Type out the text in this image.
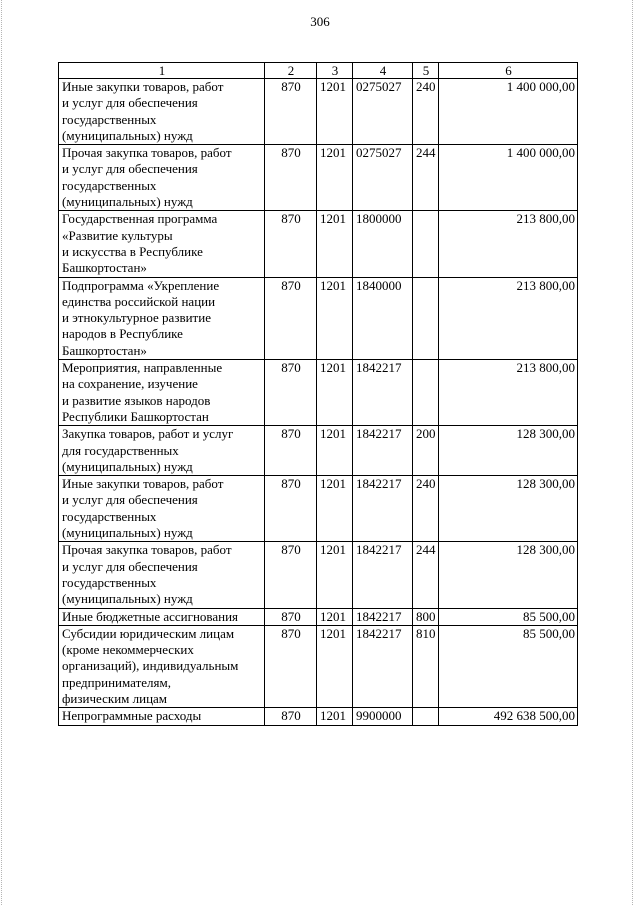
306
1	2	3	4	5	6
Иные закупки товаров, работ
и услуг для обеспечения
государственных
(муниципальных) нужд	870	1201	0275027	240	1 400 000,00
Прочая закупка товаров, работ
и услуг для обеспечения
государственных
(муниципальных) нужд	870	1201	0275027	244	1 400 000,00
Государственная программа
«Развитие культуры
и искусства в Республике
Башкортостан»	870	1201	1800000		213 800,00
Подпрограмма «Укрепление
единства российской нации
и этнокультурное развитие
народов в Республике
Башкортостан»	870	1201	1840000		213 800,00
Мероприятия, направленные
на сохранение, изучение
и развитие языков народов
Республики Башкортостан	870	1201	1842217		213 800,00
Закупка товаров, работ и услуг
для государственных
(муниципальных) нужд	870	1201	1842217	200	128 300,00
Иные закупки товаров, работ
и услуг для обеспечения
государственных
(муниципальных) нужд	870	1201	1842217	240	128 300,00
Прочая закупка товаров, работ
и услуг для обеспечения
государственных
(муниципальных) нужд	870	1201	1842217	244	128 300,00
Иные бюджетные ассигнования	870	1201	1842217	800	85 500,00
Субсидии юридическим лицам
(кроме некоммерческих
организаций), индивидуальным
предпринимателям,
физическим лицам	870	1201	1842217	810	85 500,00
Непрограммные расходы	870	1201	9900000		492 638 500,00
